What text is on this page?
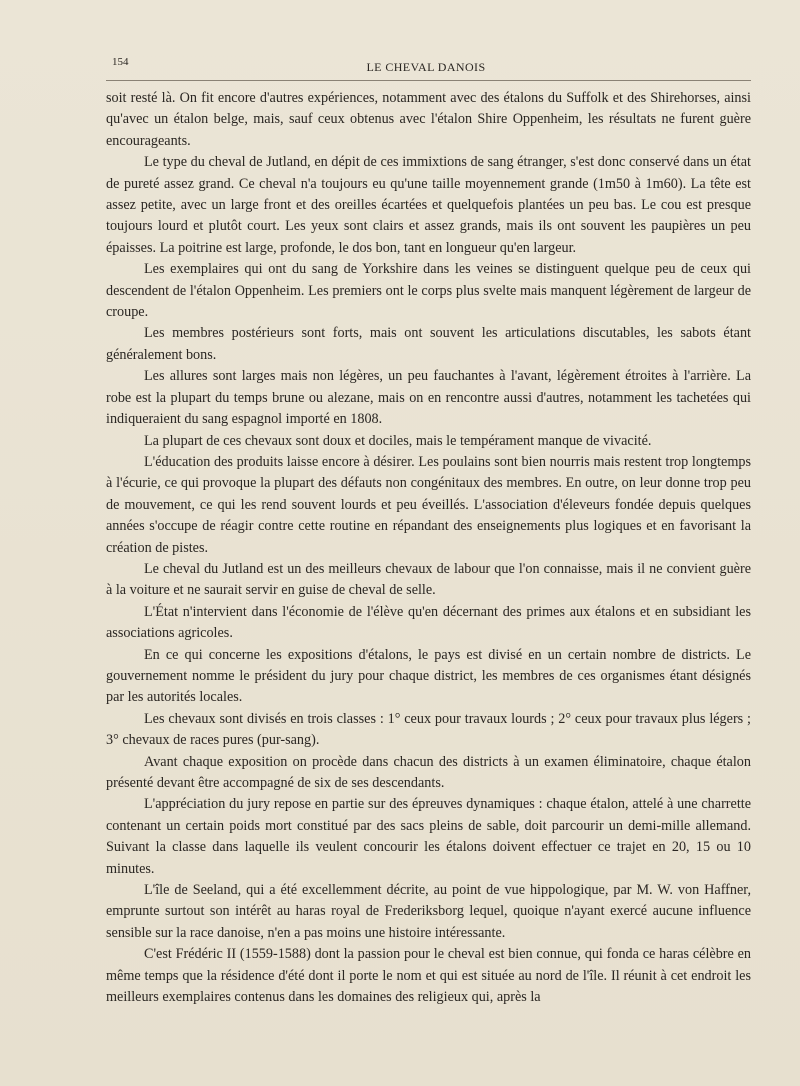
154	LE CHEVAL DANOIS

soit resté là. On fit encore d'autres expériences, notamment avec des étalons du Suffolk et des Shirehorses, ainsi qu'avec un étalon belge, mais, sauf ceux obtenus avec l'étalon Shire Oppenheim, les résultats ne furent guère encourageants.

Le type du cheval de Jutland, en dépit de ces immixtions de sang étranger, s'est donc conservé dans un état de pureté assez grand. Ce cheval n'a toujours eu qu'une taille moyennement grande (1m50 à 1m60). La tête est assez petite, avec un large front et des oreilles écartées et quelquefois plantées un peu bas. Le cou est presque toujours lourd et plutôt court. Les yeux sont clairs et assez grands, mais ils ont souvent les paupières un peu épaisses. La poitrine est large, profonde, le dos bon, tant en longueur qu'en largeur.

Les exemplaires qui ont du sang de Yorkshire dans les veines se distinguent quelque peu de ceux qui descendent de l'étalon Oppenheim. Les premiers ont le corps plus svelte mais manquent légèrement de largeur de croupe.

Les membres postérieurs sont forts, mais ont souvent les articulations discutables, les sabots étant généralement bons.

Les allures sont larges mais non légères, un peu fauchantes à l'avant, légèrement étroites à l'arrière. La robe est la plupart du temps brune ou alezane, mais on en rencontre aussi d'autres, notamment les tachetées qui indiqueraient du sang espagnol importé en 1808.

La plupart de ces chevaux sont doux et dociles, mais le tempérament manque de vivacité.

L'éducation des produits laisse encore à désirer. Les poulains sont bien nourris mais restent trop longtemps à l'écurie, ce qui provoque la plupart des défauts non congénitaux des membres. En outre, on leur donne trop peu de mouvement, ce qui les rend souvent lourds et peu éveillés. L'association d'éleveurs fondée depuis quelques années s'occupe de réagir contre cette routine en répandant des enseignements plus logiques et en favorisant la création de pistes.

Le cheval du Jutland est un des meilleurs chevaux de labour que l'on connaisse, mais il ne convient guère à la voiture et ne saurait servir en guise de cheval de selle.

L'État n'intervient dans l'économie de l'élève qu'en décernant des primes aux étalons et en subsidiant les associations agricoles.

En ce qui concerne les expositions d'étalons, le pays est divisé en un certain nombre de districts. Le gouvernement nomme le président du jury pour chaque district, les membres de ces organismes étant désignés par les autorités locales.

Les chevaux sont divisés en trois classes : 1° ceux pour travaux lourds ; 2° ceux pour travaux plus légers ; 3° chevaux de races pures (pur-sang).

Avant chaque exposition on procède dans chacun des districts à un examen éliminatoire, chaque étalon présenté devant être accompagné de six de ses descendants.

L'appréciation du jury repose en partie sur des épreuves dynamiques : chaque étalon, attelé à une charrette contenant un certain poids mort constitué par des sacs pleins de sable, doit parcourir un demi-mille allemand. Suivant la classe dans laquelle ils veulent concourir les étalons doivent effectuer ce trajet en 20, 15 ou 10 minutes.

L'île de Seeland, qui a été excellemment décrite, au point de vue hippologique, par M. W. von Haffner, emprunte surtout son intérêt au haras royal de Frederiksborg lequel, quoique n'ayant exercé aucune influence sensible sur la race danoise, n'en a pas moins une histoire intéressante.

C'est Frédéric II (1559-1588) dont la passion pour le cheval est bien connue, qui fonda ce haras célèbre en même temps que la résidence d'été dont il porte le nom et qui est située au nord de l'île. Il réunit à cet endroit les meilleurs exemplaires contenus dans les domaines des religieux qui, après la
